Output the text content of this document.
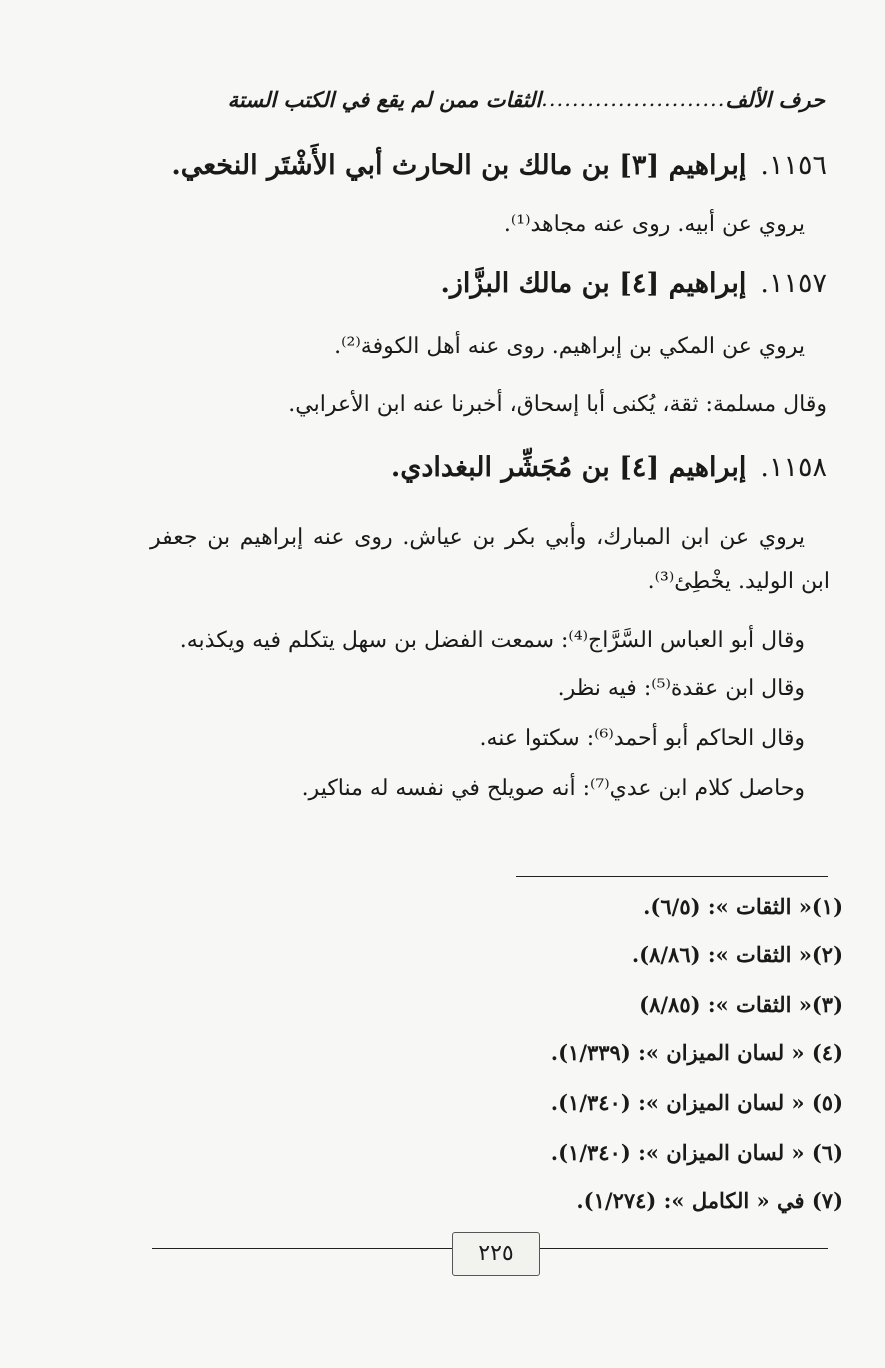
حرف الألف
........................
الثقات ممن لم يقع في الكتب الستة
١١٥٦.إبراهيم [٣] بن مالك بن الحارث أبي الأَشْتَر النخعي.
يروي عن أبيه. روى عنه مجاهد⁽¹⁾.
١١٥٧.إبراهيم [٤] بن مالك البزَّاز.
يروي عن المكي بن إبراهيم. روى عنه أهل الكوفة⁽²⁾.
وقال مسلمة: ثقة، يُكنى أبا إسحاق، أخبرنا عنه ابن الأعرابي.
١١٥٨.إبراهيم [٤] بن مُجَشِّر البغدادي.
يروي عن ابن المبارك، وأبي بكر بن عياش. روى عنه إبراهيم بن جعفر ابن الوليد. يخْطِئ⁽³⁾.
وقال أبو العباس السَّرَّاج⁽⁴⁾: سمعت الفضل بن سهل يتكلم فيه ويكذبه.
وقال ابن عقدة⁽⁵⁾: فيه نظر.
وقال الحاكم أبو أحمد⁽⁶⁾: سكتوا عنه.
وحاصل كلام ابن عدي⁽⁷⁾: أنه صويلح في نفسه له مناكير.
(١)« الثقات »: (٦/٥).
(٢)« الثقات »: (٨/٨٦).
(٣)« الثقات »: (٨/٨٥)
(٤) « لسان الميزان »: (١/٣٣٩).
(٥) « لسان الميزان »: (١/٣٤٠).
(٦) « لسان الميزان »: (١/٣٤٠).
(٧) في « الكامل »: (١/٢٧٤).
٢٢٥
